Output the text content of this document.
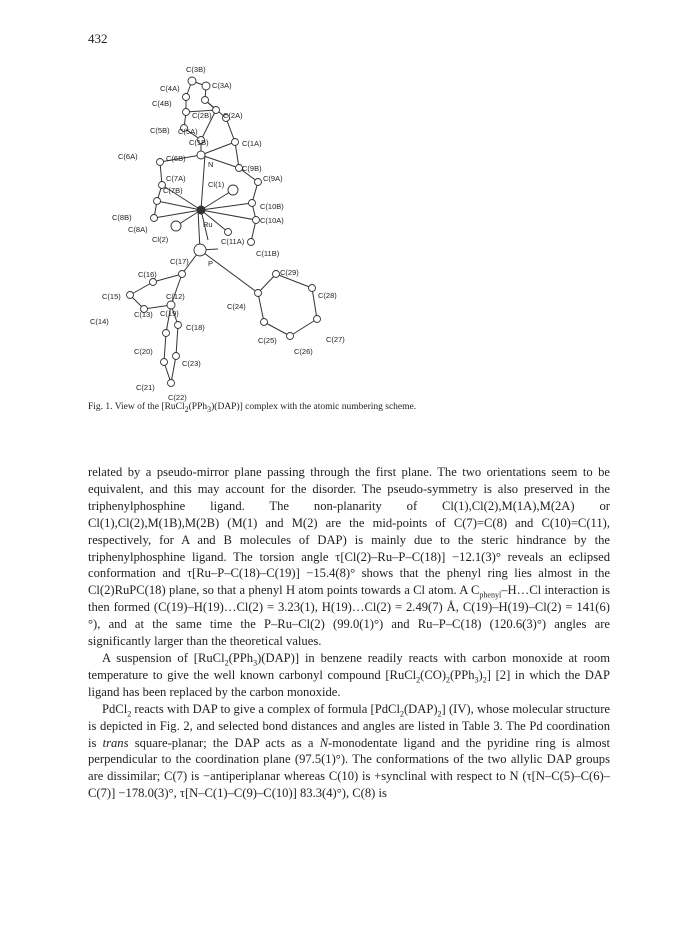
432
C(3B)
C(4A)	C(3A)
C(4B)
C(2B) C(2A)
C(5B) C(5A)
C(1B)	C(1A)
C(6A)	C(6B)
N	C(9B)
C(9A)
C(7A)
Cl(1)
C(7B)
C(10B)
C(8B)
C(8A)
Ru	C(10A)
Cl(2)	C(11A)
C(11B)
C(17)	P
C(16)	C(29)
C(15)	C(12)	C(28)
C(13) C(19)
C(24)
C(14)
C(18)
C(25)	C(27)
C(20)	C(26)
C(23)
C(21)
C(22)
Fig. 1. View of the [RuCl$_2$(PPh$_3$)(DAP)] complex with the atomic numbering scheme.

related by a pseudo-mirror plane passing through the first plane. The two orientations seem to be equivalent, and this may account for the disorder. The pseudo-symmetry is also preserved in the triphenylphosphine ligand. The non-planarity of Cl(1),Cl(2),M(1A),M(2A) or Cl(1),Cl(2),M(1B),M(2B) (M(1) and M(2) are the mid-points of C(7)=C(8) and C(10)=C(11), respectively, for A and B molecules of DAP) is mainly due to the steric hindrance by the triphenylphosphine ligand. The torsion angle τ[Cl(2)–Ru–P–C(18)] −12.1(3)° reveals an eclipsed conformation and τ[Ru–P–C(18)–C(19)] −15.4(8)° shows that the phenyl ring lies almost in the Cl(2)RuPC(18) plane, so that a phenyl H atom points towards a Cl atom. A $C_{phenyl}-H\dots Cl$ interaction is then formed (C(19)–H(19)…Cl(2) = 3.23(1), H(19)…Cl(2) = 2.49(7) Å, C(19)–H(19)–Cl(2) = 141(6)°), and at the same time the P–Ru–Cl(2) (99.0(1)°) and Ru–P–C(18) (120.6(3)°) angles are significantly larger than the theoretical values.

A suspension of [RuCl$_2$(PPh$_3$)(DAP)] in benzene readily reacts with carbon monoxide at room temperature to give the well known carbonyl compound $[RuCl_2(CO)_2(PPh_3)_2]$ [2] in which the DAP ligand has been replaced by the carbon monoxide.

PdCl$_2$ reacts with DAP to give a complex of formula $[PdCl_2(DAP)_2]$ (IV), whose molecular structure is depicted in Fig. 2, and selected bond distances and angles are listed in Table 3. The Pd coordination is trans square-planar; the DAP acts as a N-monodentate ligand and the pyridine ring is almost perpendicular to the coordination plane (97.5(1)°). The conformations of the two allylic DAP groups are dissimilar; C(7) is −antiperiplanar whereas C(10) is +synclinal with respect to N (τ[N–C(5)–C(6)–C(7)] −178.0(3)°, τ[N–C(1)–C(9)–C(10)] 83.3(4)°), C(8) is
